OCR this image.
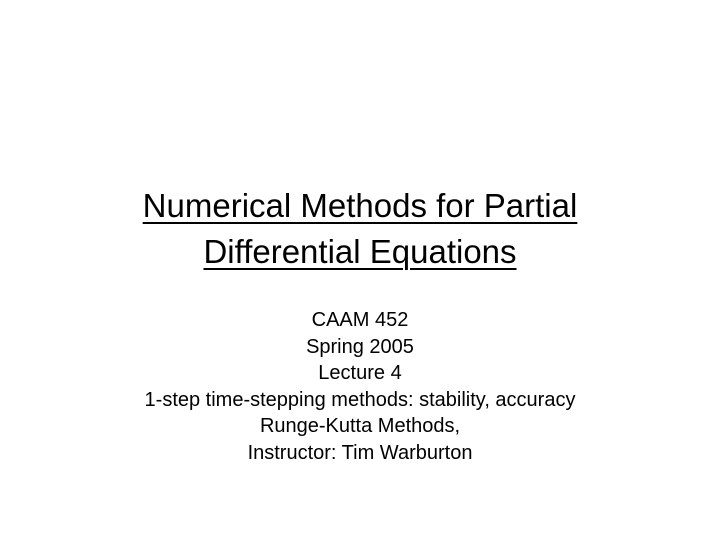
Numerical Methods for Partial
Differential Equations
CAAM 452
Spring 2005
Lecture 4
1-step time-stepping methods: stability, accuracy
Runge-Kutta Methods,
Instructor: Tim Warburton
